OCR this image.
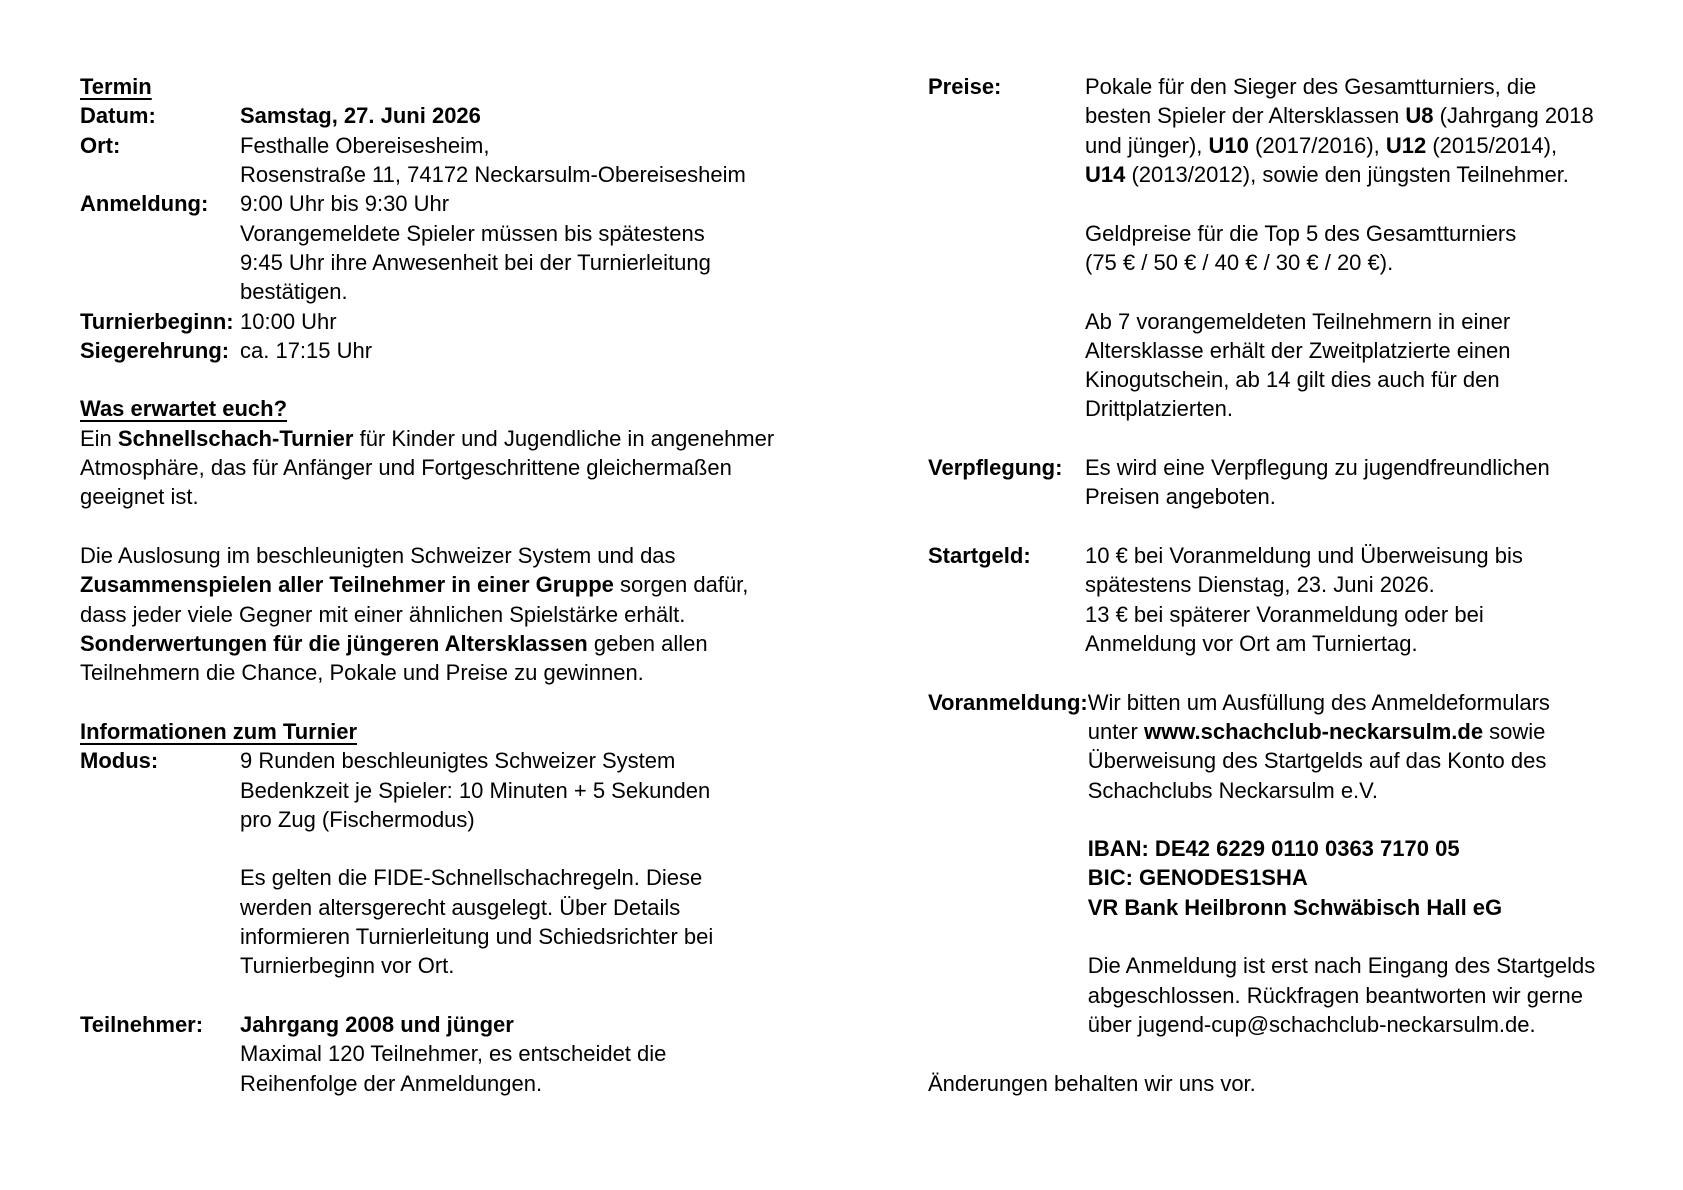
Termin
Datum:	Samstag, 27. Juni 2026
Ort:	Festhalle Obereisesheim,
Rosenstraße 11, 74172 Neckarsulm-Obereisesheim
Anmeldung:	9:00 Uhr bis 9:30 Uhr
Vorangemeldete Spieler müssen bis spätestens
9:45 Uhr ihre Anwesenheit bei der Turnierleitung
bestätigen.
Turnierbeginn: 10:00 Uhr
Siegerehrung: ca. 17:15 Uhr
Was erwartet euch?
Ein Schnellschach-Turnier für Kinder und Jugendliche in angenehmer
Atmosphäre, das für Anfänger und Fortgeschrittene gleichermaßen
geeignet ist.
Die Auslosung im beschleunigten Schweizer System und das
Zusammenspielen aller Teilnehmer in einer Gruppe sorgen dafür,
dass jeder viele Gegner mit einer ähnlichen Spielstärke erhält.
Sonderwertungen für die jüngeren Altersklassen geben allen
Teilnehmern die Chance, Pokale und Preise zu gewinnen.
Informationen zum Turnier
Modus:	9 Runden beschleunigtes Schweizer System
Bedenkzeit je Spieler: 10 Minuten + 5 Sekunden
pro Zug (Fischermodus)
Es gelten die FIDE-Schnellschachregeln. Diese
werden altersgerecht ausgelegt. Über Details
informieren Turnierleitung und Schiedsrichter bei
Turnierbeginn vor Ort.
Teilnehmer:	Jahrgang 2008 und jünger
Maximal 120 Teilnehmer, es entscheidet die
Reihenfolge der Anmeldungen.
Preise:	Pokale für den Sieger des Gesamtturniers, die
besten Spieler der Altersklassen U8 (Jahrgang 2018
und jünger), U10 (2017/2016), U12 (2015/2014),
U14 (2013/2012), sowie den jüngsten Teilnehmer.
Geldpreise für die Top 5 des Gesamtturniers
(75 € / 50 € / 40 € / 30 € / 20 €).
Ab 7 vorangemeldeten Teilnehmern in einer
Altersklasse erhält der Zweitplatzierte einen
Kinogutschein, ab 14 gilt dies auch für den
Drittplatzierten.
Verpflegung:	Es wird eine Verpflegung zu jugendfreundlichen
Preisen angeboten.
Startgeld:	10 € bei Voranmeldung und Überweisung bis
spätestens Dienstag, 23. Juni 2026.
13 € bei späterer Voranmeldung oder bei
Anmeldung vor Ort am Turniertag.
Voranmeldung: Wir bitten um Ausfüllung des Anmeldeformulars
unter www.schachclub-neckarsulm.de sowie
Überweisung des Startgelds auf das Konto des
Schachclubs Neckarsulm e.V.
IBAN: DE42 6229 0110 0363 7170 05
BIC: GENODES1SHA
VR Bank Heilbronn Schwäbisch Hall eG
Die Anmeldung ist erst nach Eingang des Startgelds
abgeschlossen. Rückfragen beantworten wir gerne
über jugend-cup@schachclub-neckarsulm.de.
Änderungen behalten wir uns vor.
